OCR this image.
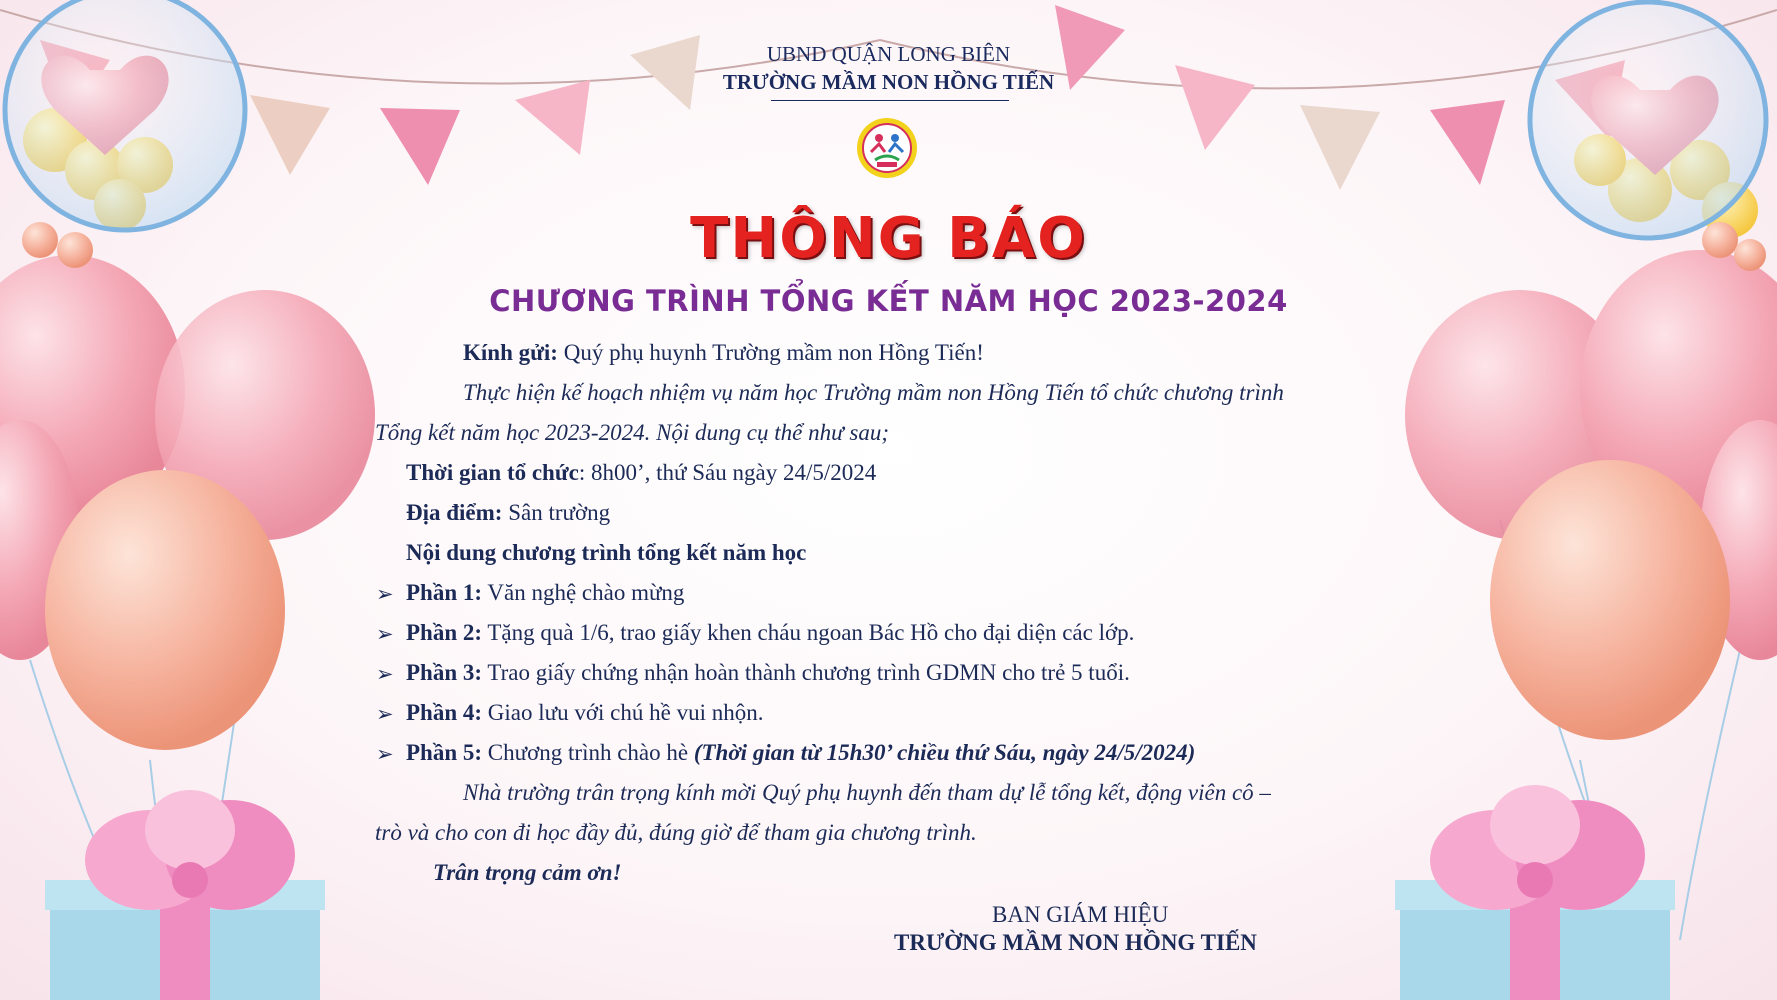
UBND QUẬN LONG BIÊN

TRƯỜNG MẦM NON HỒNG TIẾN

THÔNG BÁO

CHƯƠNG TRÌNH TỔNG KẾT NĂM HỌC 2023-2024

Kính gửi: Quý phụ huynh Trường mầm non Hồng Tiến!

Thực hiện kế hoạch nhiệm vụ năm học Trường mầm non Hồng Tiến tổ chức chương trình

Tổng kết năm học 2023-2024. Nội dung cụ thể như sau;

Thời gian tổ chức: 8h00’, thứ Sáu ngày 24/5/2024

Địa điểm: Sân trường

Nội dung chương trình tổng kết năm học

➢ Phần 1: Văn nghệ chào mừng

➢ Phần 2: Tặng quà 1/6, trao giấy khen cháu ngoan Bác Hồ cho đại diện các lớp.

➢ Phần 3: Trao giấy chứng nhận hoàn thành chương trình GDMN cho trẻ 5 tuổi.

➢ Phần 4: Giao lưu với chú hề vui nhộn.

➢ Phần 5: Chương trình chào hè (Thời gian từ 15h30’ chiều thứ Sáu, ngày 24/5/2024)

Nhà trường trân trọng kính mời Quý phụ huynh đến tham dự lễ tổng kết, động viên cô –

trò và cho con đi học đầy đủ, đúng giờ để tham gia chương trình.

Trân trọng cảm ơn!

BAN GIÁM HIỆU

TRƯỜNG MẦM NON HỒNG TIẾN
